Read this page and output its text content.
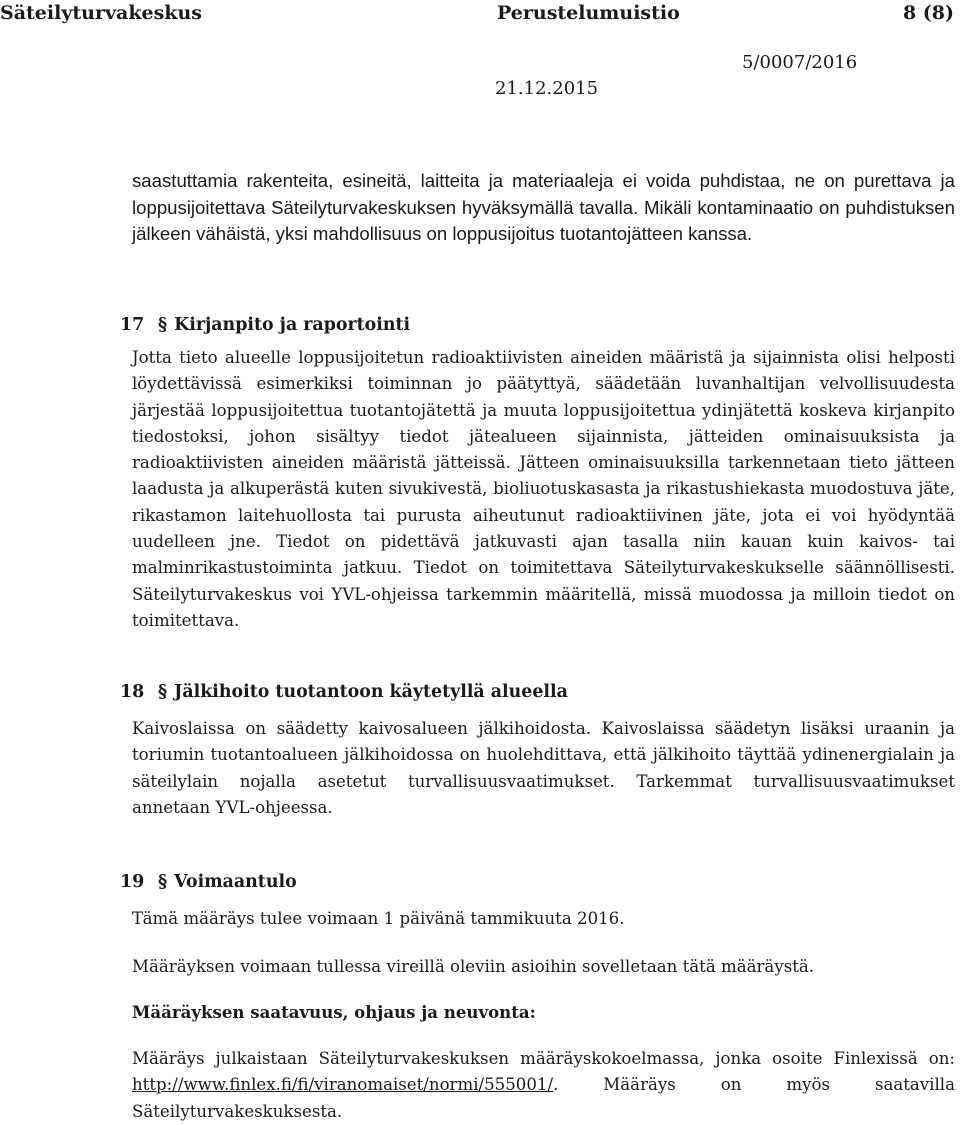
Säteilyturvakeskus	Perustelumuistio	8 (8)
5/0007/2016
21.12.2015

saastuttamia rakenteita, esineitä, laitteita ja materiaaleja ei voida puhdistaa, ne on purettava ja loppusijoitettava Säteilyturvakeskuksen hyväksymällä tavalla. Mikäli kontaminaatio on puhdistuksen jälkeen vähäistä, yksi mahdollisuus on loppusijoitus tuotantojätteen kanssa.

17 § Kirjanpito ja raportointi

Jotta tieto alueelle loppusijoitetun radioaktiivisten aineiden määristä ja sijainnista olisi helposti löydettävissä esimerkiksi toiminnan jo päätyttyä, säädetään luvanhaltijan velvollisuudesta järjestää loppusijoitettua tuotantojätettä ja muuta loppusijoitettua ydinjätettä koskeva kirjanpito tiedostoksi, johon sisältyy tiedot jätealueen sijainnista, jätteiden ominaisuuksista ja radioaktiivisten aineiden määristä jätteissä. Jätteen ominaisuuksilla tarkennetaan tieto jätteen laadusta ja alkuperästä kuten sivukivestä, bioliuotuskasasta ja rikastushiekasta muodostuva jäte, rikastamon laitehuollosta tai purusta aiheutunut radioaktiivinen jäte, jota ei voi hyödyntää uudelleen jne. Tiedot on pidettävä jatkuvasti ajan tasalla niin kauan kuin kaivos- tai malminrikastustoiminta jatkuu. Tiedot on toimitettava Säteilyturvakeskukselle säännöllisesti. Säteilyturvakeskus voi YVL-ohjeissa tarkemmin määritellä, missä muodossa ja milloin tiedot on toimitettava.

18 § Jälkihoito tuotantoon käytetyllä alueella

Kaivoslaissa on säädetty kaivosalueen jälkihoidosta. Kaivoslaissa säädetyn lisäksi uraanin ja toriumin tuotantoalueen jälkihoidossa on huolehdittava, että jälkihoito täyttää ydinenergialain ja säteilylain nojalla asetetut turvallisuusvaatimukset. Tarkemmat turvallisuusvaatimukset annetaan YVL-ohjeessa.

19 § Voimaantulo

Tämä määräys tulee voimaan 1 päivänä tammikuuta 2016.

Määräyksen voimaan tullessa vireillä oleviin asioihin sovelletaan tätä määräystä.

Määräyksen saatavuus, ohjaus ja neuvonta:

Määräys julkaistaan Säteilyturvakeskuksen määräyskokoelmassa, jonka osoite Finlexissä on: http://www.finlex.fi/fi/viranomaiset/normi/555001/. Määräys on myös saatavilla Säteilyturvakeskuksesta.
